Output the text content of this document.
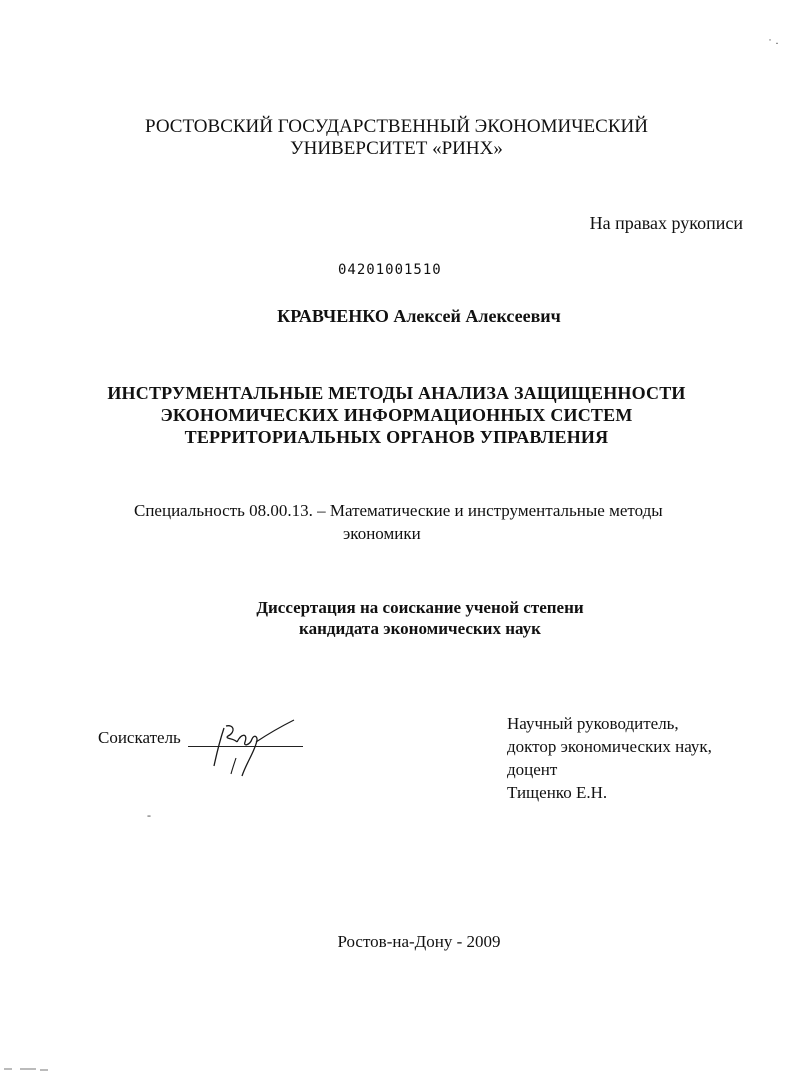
˙ ·
РОСТОВСКИЙ ГОСУДАРСТВЕННЫЙ ЭКОНОМИЧЕСКИЙ
УНИВЕРСИТЕТ «РИНХ»
На правах рукописи
04201001510
КРАВЧЕНКО Алексей Алексеевич
ИНСТРУМЕНТАЛЬНЫЕ МЕТОДЫ АНАЛИЗА ЗАЩИЩЕННОСТИ
ЭКОНОМИЧЕСКИХ ИНФОРМАЦИОННЫХ СИСТЕМ
ТЕРРИТОРИАЛЬНЫХ ОРГАНОВ УПРАВЛЕНИЯ
Специальность 08.00.13. – Математические и инструментальные методы
экономики
Диссертация на соискание ученой степени
кандидата экономических наук
Соискатель
Научный руководитель,
доктор экономических наук,
доцент
Тищенко Е.Н.
-
Ростов-на-Дону - 2009
